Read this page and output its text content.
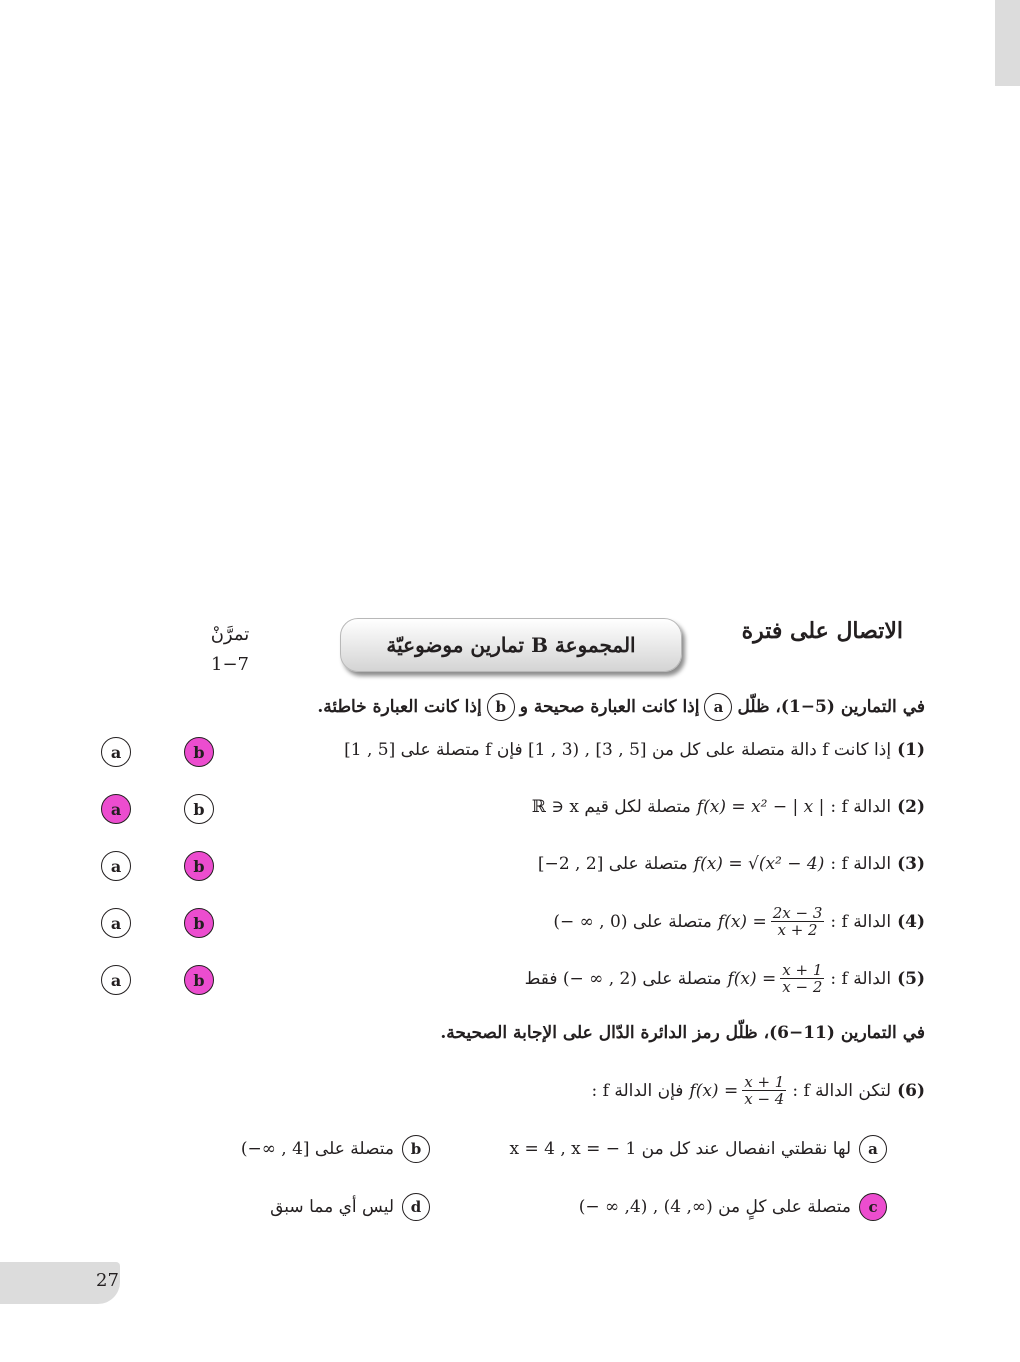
الاتصال على فترة
المجموعة B تمارين موضوعيّة
تمرَّنْ
1−7
في التمارين (5−1)، ظلّل
a
إذا كانت العبارة صحيحة و
b
إذا كانت العبارة خاطئة.
(1)
إذا كانت f دالة متصلة على كل من [5 , 3] , (3 , 1] فإن f متصلة على [5 , 1]
b
a
(2)
الدالة f :
f(x) = x² − | x |
متصلة لكل قيم ℝ ∋ x
b
a
(3)
الدالة f :
f(x) = √(x² − 4)
متصلة على [2 , 2−]
b
a
(4)
الدالة f :
$f(x) = \frac{2x - 3}{x + 2}$
متصلة على (0 , ∞ −)
b
a
(5)
الدالة f :
$f(x) = \frac{x + 1}{x - 2}$
متصلة على (2 , ∞ −) فقط
b
a
في التمارين (11−6)، ظلّل رمز الدائرة الدّال على الإجابة الصحيحة.
(6)
لتكن الدالة f :
$f(x) = \frac{x + 1}{x - 4}$
فإن الدالة f :
a
لها نقطتي انفصال عند كل من x = 4 , x = − 1
b
متصلة على [4 , ∞−)
c
متصلة على كلٍ من (∞, 4) , (4, ∞ −)
d
ليس أي مما سبق
27
